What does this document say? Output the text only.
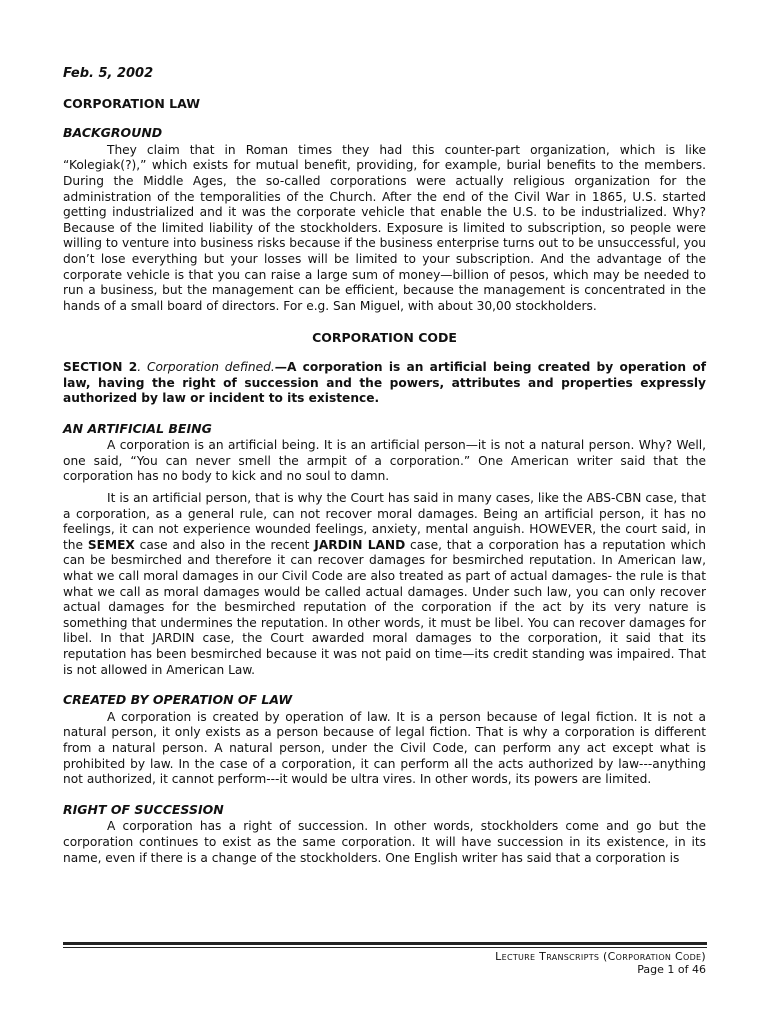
Feb. 5, 2002
CORPORATION LAW
BACKGROUND

They claim that in Roman times they had this counter-part organization, which is like “Kolegiak(?),” which exists for mutual benefit, providing, for example, burial benefits to the members. During the Middle Ages, the so-called corporations were actually religious organization for the administration of the temporalities of the Church. After the end of the Civil War in 1865, U.S. started getting industrialized and it was the corporate vehicle that enable the U.S. to be industrialized. Why? Because of the limited liability of the stockholders. Exposure is limited to subscription, so people were willing to venture into business risks because if the business enterprise turns out to be unsuccessful, you don’t lose everything but your losses will be limited to your subscription. And the advantage of the corporate vehicle is that you can raise a large sum of money—billion of pesos, which may be needed to run a business, but the management can be efficient, because the management is concentrated in the hands of a small board of directors. For e.g. San Miguel, with about 30,00 stockholders.

CORPORATION CODE
SECTION 2. Corporation defined.—A corporation is an artificial being created by operation of law, having the right of succession and the powers, attributes and properties expressly authorized by law or incident to its existence.
AN ARTIFICIAL BEING

A corporation is an artificial being. It is an artificial person—it is not a natural person. Why? Well, one said, “You can never smell the armpit of a corporation.” One American writer said that the corporation has no body to kick and no soul to damn.

It is an artificial person, that is why the Court has said in many cases, like the ABS-CBN case, that a corporation, as a general rule, can not recover moral damages. Being an artificial person, it has no feelings, it can not experience wounded feelings, anxiety, mental anguish. HOWEVER, the court said, in the SEMEX case and also in the recent JARDIN LAND case, that a corporation has a reputation which can be besmirched and therefore it can recover damages for besmirched reputation. In American law, what we call moral damages in our Civil Code are also treated as part of actual damages- the rule is that what we call as moral damages would be called actual damages. Under such law, you can only recover actual damages for the besmirched reputation of the corporation if the act by its very nature is something that undermines the reputation. In other words, it must be libel. You can recover damages for libel. In that JARDIN case, the Court awarded moral damages to the corporation, it said that its reputation has been besmirched because it was not paid on time—its credit standing was impaired. That is not allowed in American Law.

CREATED BY OPERATION OF LAW

A corporation is created by operation of law. It is a person because of legal fiction. It is not a natural person, it only exists as a person because of legal fiction. That is why a corporation is different from a natural person. A natural person, under the Civil Code, can perform any act except what is prohibited by law. In the case of a corporation, it can perform all the acts authorized by law---anything not authorized, it cannot perform---it would be ultra vires. In other words, its powers are limited.

RIGHT OF SUCCESSION

A corporation has a right of succession. In other words, stockholders come and go but the corporation continues to exist as the same corporation. It will have succession in its existence, in its name, even if there is a change of the stockholders. One English writer has said that a corporation is

Lecture Transcripts (Corporation Code)
Page 1 of 46
